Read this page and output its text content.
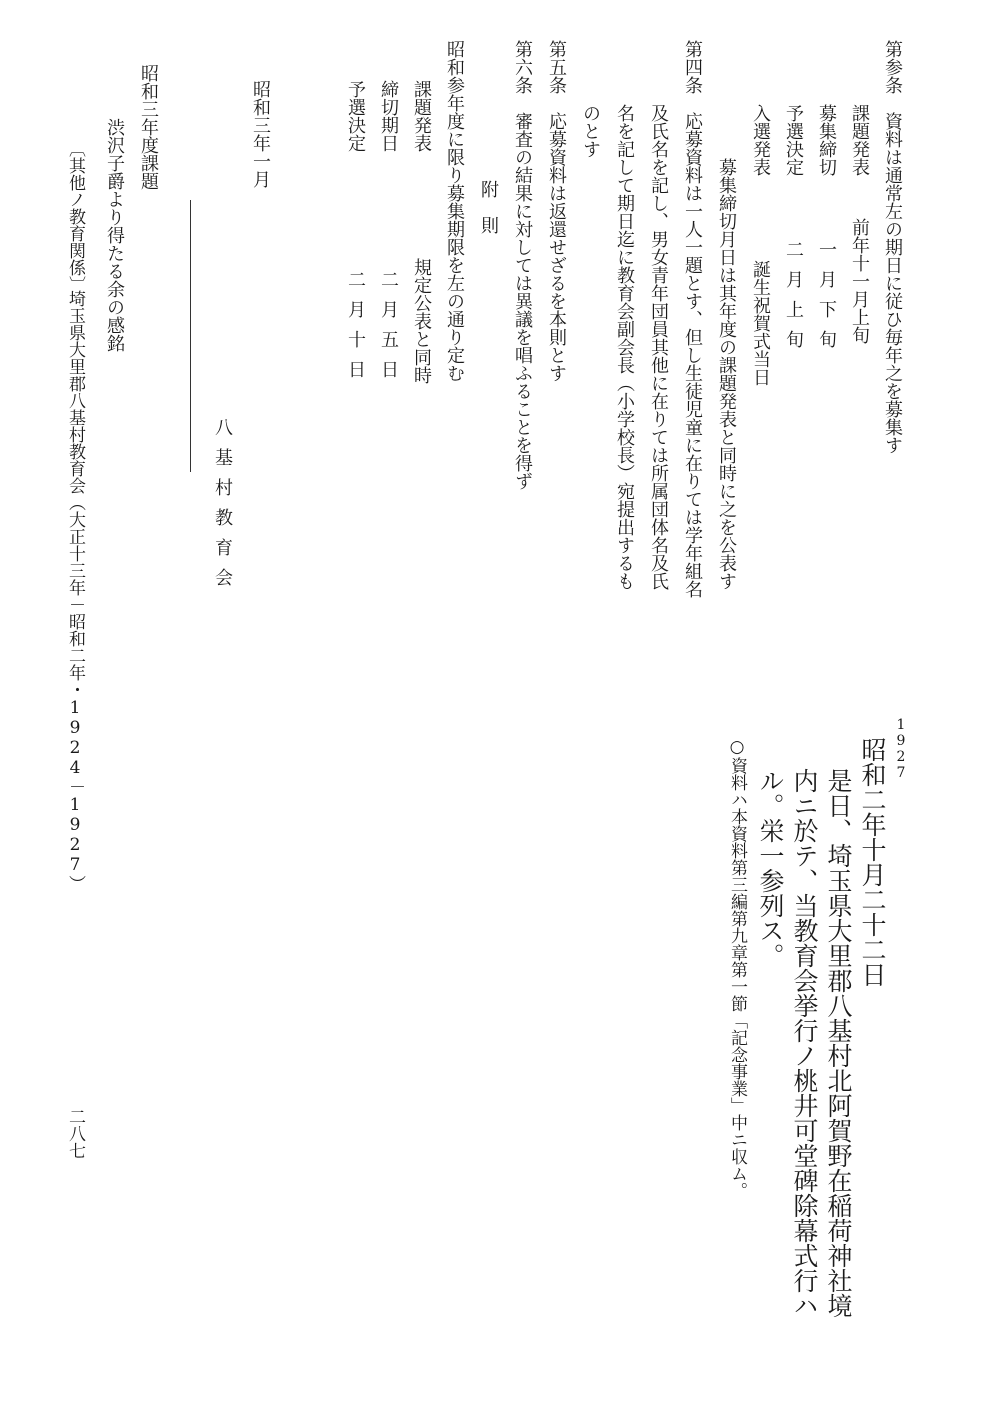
1927
昭和二年十月二十二日
是日、埼玉県大里郡八基村北阿賀野在稲荷神社境
内ニ於テ、当教育会挙行ノ桃井可堂碑除幕式行ハ
ル。栄一参列ス。
○資料ハ本資料第三編第九章第一節「記念事業」中ニ収ム。
第参条　資料は通常左の期日に従ひ毎年之を募集す
課題発表
前年十一月上旬
募集締切
一月下旬
予選決定
二月上旬
入選発表
誕生祝賀式当日
募集締切月日は其年度の課題発表と同時に之を公表す
第四条　応募資料は一人一題とす、但し生徒児童に在りては学年組名
及氏名を記し、男女青年団員其他に在りては所属団体名及氏
名を記して期日迄に教育会副会長（小学校長）宛提出するも
のとす
第五条　応募資料は返還せざるを本則とす
第六条　審査の結果に対しては異議を唱ふることを得ず
附　則
昭和参年度に限り募集期限を左の通り定む
課題発表
規定公表と同時
締切期日
二月五日
予選決定
二月十日
昭和三年一月
八基村教育会
昭和三年度課題
渋沢子爵より得たる余の感銘
〔其他ノ教育関係〕
埼玉県大里郡八基村教育会
（大正十三年－昭和二年・1924－1927）
二八七
